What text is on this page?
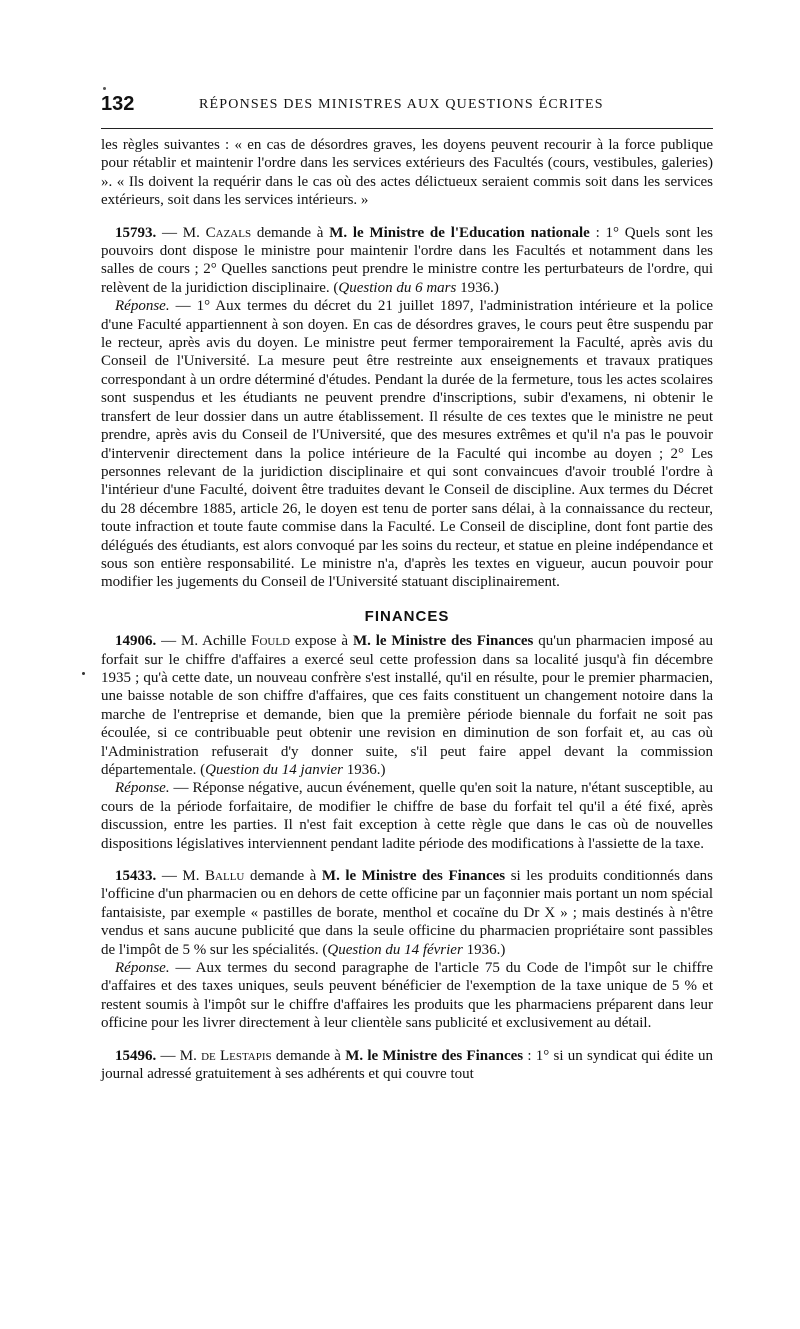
132	RÉPONSES DES MINISTRES AUX QUESTIONS ÉCRITES

les règles suivantes : « en cas de désordres graves, les doyens peuvent recourir à la force publique pour rétablir et maintenir l'ordre dans les services extérieurs des Facultés (cours, vestibules, galeries) ». « Ils doivent la requérir dans le cas où des actes délictueux seraient commis soit dans les services extérieurs, soit dans les services intérieurs. »

15793. — M. Cazals demande à M. le Ministre de l'Education nationale : 1° Quels sont les pouvoirs dont dispose le ministre pour maintenir l'ordre dans les Facultés et notamment dans les salles de cours ; 2° Quelles sanctions peut prendre le ministre contre les perturbateurs de l'ordre, qui relèvent de la juridiction disciplinaire. (Question du 6 mars 1936.)

Réponse. — 1° Aux termes du décret du 21 juillet 1897, l'administration intérieure et la police d'une Faculté appartiennent à son doyen. En cas de désordres graves, le cours peut être suspendu par le recteur, après avis du doyen. Le ministre peut fermer temporairement la Faculté, après avis du Conseil de l'Université. La mesure peut être restreinte aux enseignements et travaux pratiques correspondant à un ordre déterminé d'études. Pendant la durée de la fermeture, tous les actes scolaires sont suspendus et les étudiants ne peuvent prendre d'inscriptions, subir d'examens, ni obtenir le transfert de leur dossier dans un autre établissement. Il résulte de ces textes que le ministre ne peut prendre, après avis du Conseil de l'Université, que des mesures extrêmes et qu'il n'a pas le pouvoir d'intervenir directement dans la police intérieure de la Faculté qui incombe au doyen ; 2° Les personnes relevant de la juridiction disciplinaire et qui sont convaincues d'avoir troublé l'ordre à l'intérieur d'une Faculté, doivent être traduites devant le Conseil de discipline. Aux termes du Décret du 28 décembre 1885, article 26, le doyen est tenu de porter sans délai, à la connaissance du recteur, toute infraction et toute faute commise dans la Faculté. Le Conseil de discipline, dont font partie des délégués des étudiants, est alors convoqué par les soins du recteur, et statue en pleine indépendance et sous son entière responsabilité. Le ministre n'a, d'après les textes en vigueur, aucun pouvoir pour modifier les jugements du Conseil de l'Université statuant disciplinairement.

FINANCES

14906. — M. Achille Fould expose à M. le Ministre des Finances qu'un pharmacien imposé au forfait sur le chiffre d'affaires a exercé seul cette profession dans sa localité jusqu'à fin décembre 1935 ; qu'à cette date, un nouveau confrère s'est installé, qu'il en résulte, pour le premier pharmacien, une baisse notable de son chiffre d'affaires, que ces faits constituent un changement notoire dans la marche de l'entreprise et demande, bien que la première période biennale du forfait ne soit pas écoulée, si ce contribuable peut obtenir une revision en diminution de son forfait et, au cas où l'Administration refuserait d'y donner suite, s'il peut faire appel devant la commission départementale. (Question du 14 janvier 1936.)

Réponse. — Réponse négative, aucun événement, quelle qu'en soit la nature, n'étant susceptible, au cours de la période forfaitaire, de modifier le chiffre de base du forfait tel qu'il a été fixé, après discussion, entre les parties. Il n'est fait exception à cette règle que dans le cas où de nouvelles dispositions législatives interviennent pendant ladite période des modifications à l'assiette de la taxe.

15433. — M. Ballu demande à M. le Ministre des Finances si les produits conditionnés dans l'officine d'un pharmacien ou en dehors de cette officine par un façonnier mais portant un nom spécial fantaisiste, par exemple « pastilles de borate, menthol et cocaïne du Dr X » ; mais destinés à n'être vendus et sans aucune publicité que dans la seule officine du pharmacien propriétaire sont passibles de l'impôt de 5 % sur les spécialités. (Question du 14 février 1936.)

Réponse. — Aux termes du second paragraphe de l'article 75 du Code de l'impôt sur le chiffre d'affaires et des taxes uniques, seuls peuvent bénéficier de l'exemption de la taxe unique de 5 % et restent soumis à l'impôt sur le chiffre d'affaires les produits que les pharmaciens préparent dans leur officine pour les livrer directement à leur clientèle sans publicité et exclusivement au détail.

15496. — M. de Lestapis demande à M. le Ministre des Finances : 1° si un syndicat qui édite un journal adressé gratuitement à ses adhérents et qui couvre tout
